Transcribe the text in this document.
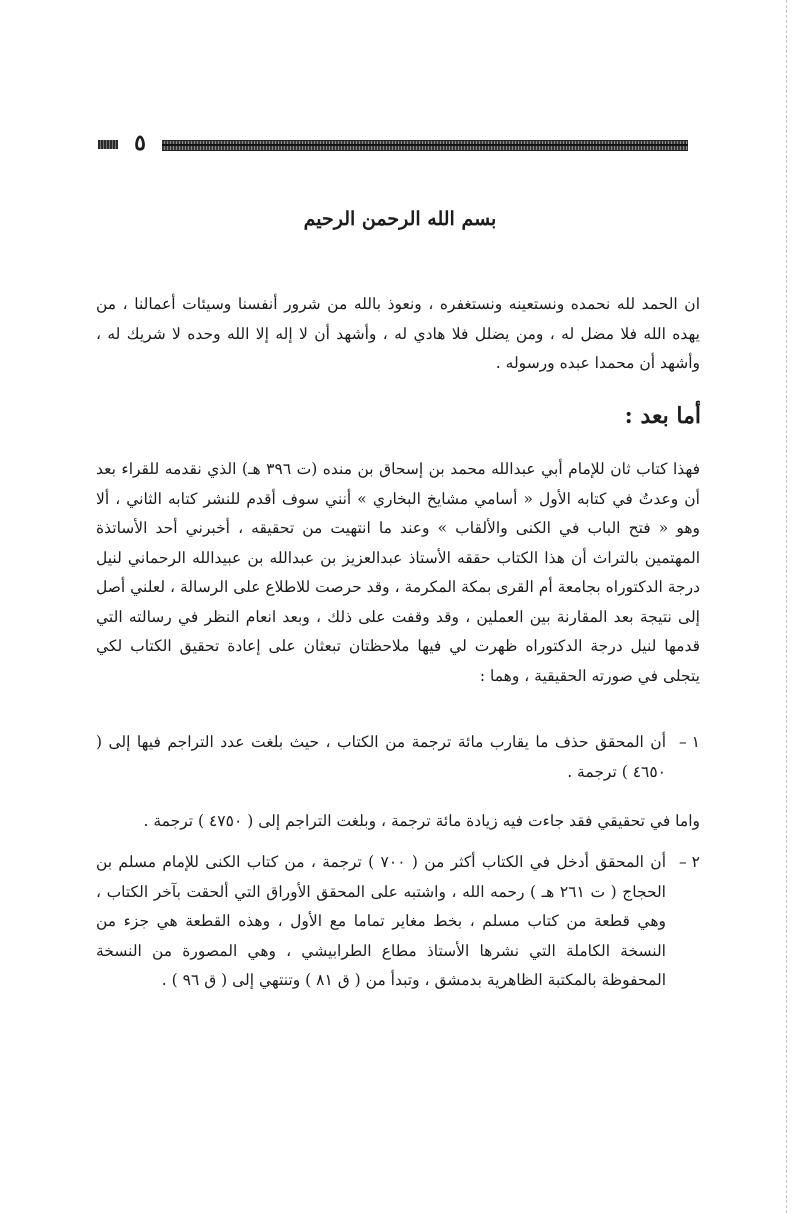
٥
بسم الله الرحمن الرحيم

ان الحمد لله نحمده ونستعينه ونستغفره ، ونعوذ بالله من شرور أنفسنا وسيئات أعمالنا ، من يهده الله فلا مضل له ، ومن يضلل فلا هادي له ، وأشهد أن لا إله إلا الله وحده لا شريك له ، وأشهد أن محمدا عبده ورسوله .

أما بعد :

فهذا كتاب ثان للإمام أبي عبدالله محمد بن إسحاق بن منده (ت ٣٩٦ هـ) الذي نقدمه للقراء بعد أن وعدتُ في كتابه الأول « أسامي مشايخ البخاري » أنني سوف أقدم للنشر كتابه الثاني ، ألا وهو « فتح الباب في الكنى والألقاب » وعند ما انتهيت من تحقيقه ، أخبرني أحد الأساتذة المهتمين بالتراث أن هذا الكتاب حققه الأستاذ عبدالعزيز بن عبدالله بن عبيدالله الرحماني لنيل درجة الدكتوراه بجامعة أم القرى بمكة المكرمة ، وقد حرصت للاطلاع على الرسالة ، لعلني أصل إلى نتيجة بعد المقارنة بين العملين ، وقد وقفت على ذلك ، وبعد انعام النظر في رسالته التي قدمها لنيل درجة الدكتوراه ظهرت لي فيها ملاحظتان تبعثان على إعادة تحقيق الكتاب لكي يتجلى في صورته الحقيقية ، وهما :

١ –
أن المحقق حذف ما يقارب مائة ترجمة من الكتاب ، حيث بلغت عدد التراجم فيها إلى ( ٤٦٥٠ ) ترجمة .

واما في تحقيقي فقد جاءت فيه زيادة مائة ترجمة ، وبلغت التراجم إلى ( ٤٧٥٠ ) ترجمة .

٢ –
أن المحقق أدخل في الكتاب أكثر من ( ٧٠٠ ) ترجمة ، من كتاب الكنى للإمام مسلم بن الحجاج ( ت ٢٦١ هـ ) رحمه الله ، واشتبه على المحقق الأوراق التي ألحقت بآخر الكتاب ، وهي قطعة من كتاب مسلم ، بخط مغاير تماما مع الأول ، وهذه القطعة هي جزء من النسخة الكاملة التي نشرها الأستاذ مطاع الطرابيشي ، وهي المصورة من النسخة المحفوظة بالمكتبة الظاهرية بدمشق ، وتبدأ من ( ق ٨١ ) وتنتهي إلى ( ق ٩٦ ) .
